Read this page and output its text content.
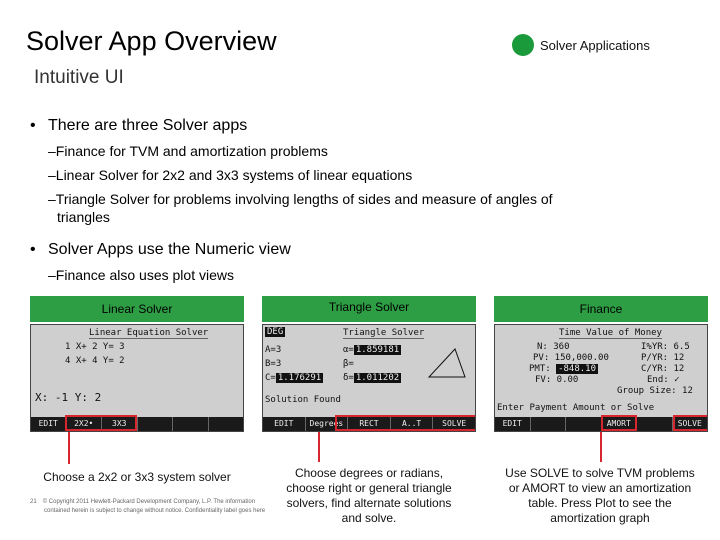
Solver App Overview	Solver Applications
Intuitive UI
• There are three Solver apps
–Finance for TVM and amortization problems
–Linear Solver for 2x2 and 3x3 systems of linear equations
–Triangle Solver for problems involving lengths of sides and measure of angles of
triangles
• Solver Apps use the Numeric view
–Finance also uses plot views
Linear Solver
Linear Equation Solver
1 X+ 2 Y= 3
4 X+ 4 Y= 2
X: -1 Y: 2
EDIT	2X2•	3X3
Choose a 2x2 or 3x3 system solver
Triangle Solver
DEG	Triangle Solver
A=3
B=3
C= 1.176291
α= 1.859181
β=
δ= 1.011202
Solution Found
EDIT	Degrees	RECT	A..T	SOLVE
Choose degrees or radians, choose right or general triangle solvers, find alternate solutions and solve.
Finance
Time Value of Money
N: 360
PV: 150,000.00
PMT: -848.10
FV: 0.00
I%YR: 6.5
P/YR: 12
C/YR: 12
End: ✓
Group Size: 12
Enter Payment Amount or Solve
EDIT	AMORT	SOLVE
Use SOLVE to solve TVM problems or AMORT to view an amortization table. Press Plot to see the amortization graph
21 © Copyright 2011 Hewlett-Packard Development Company, L.P. The information
contained herein is subject to change without notice. Confidentiality label goes here
